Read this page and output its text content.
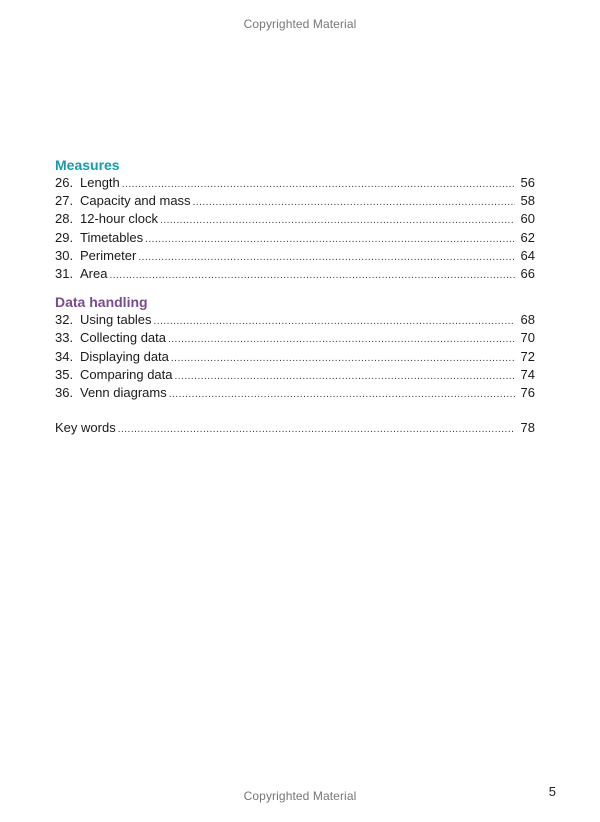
Copyrighted Material
Measures
26. Length .....	56
27. Capacity and mass .....	58
28. 12-hour clock .....	60
29. Timetables .....	62
30. Perimeter .....	64
31. Area .....	66
Data handling
32. Using tables .....	68
33. Collecting data .....	70
34. Displaying data .....	72
35. Comparing data .....	74
36. Venn diagrams .....	76
Key words .....	78
5
Copyrighted Material
